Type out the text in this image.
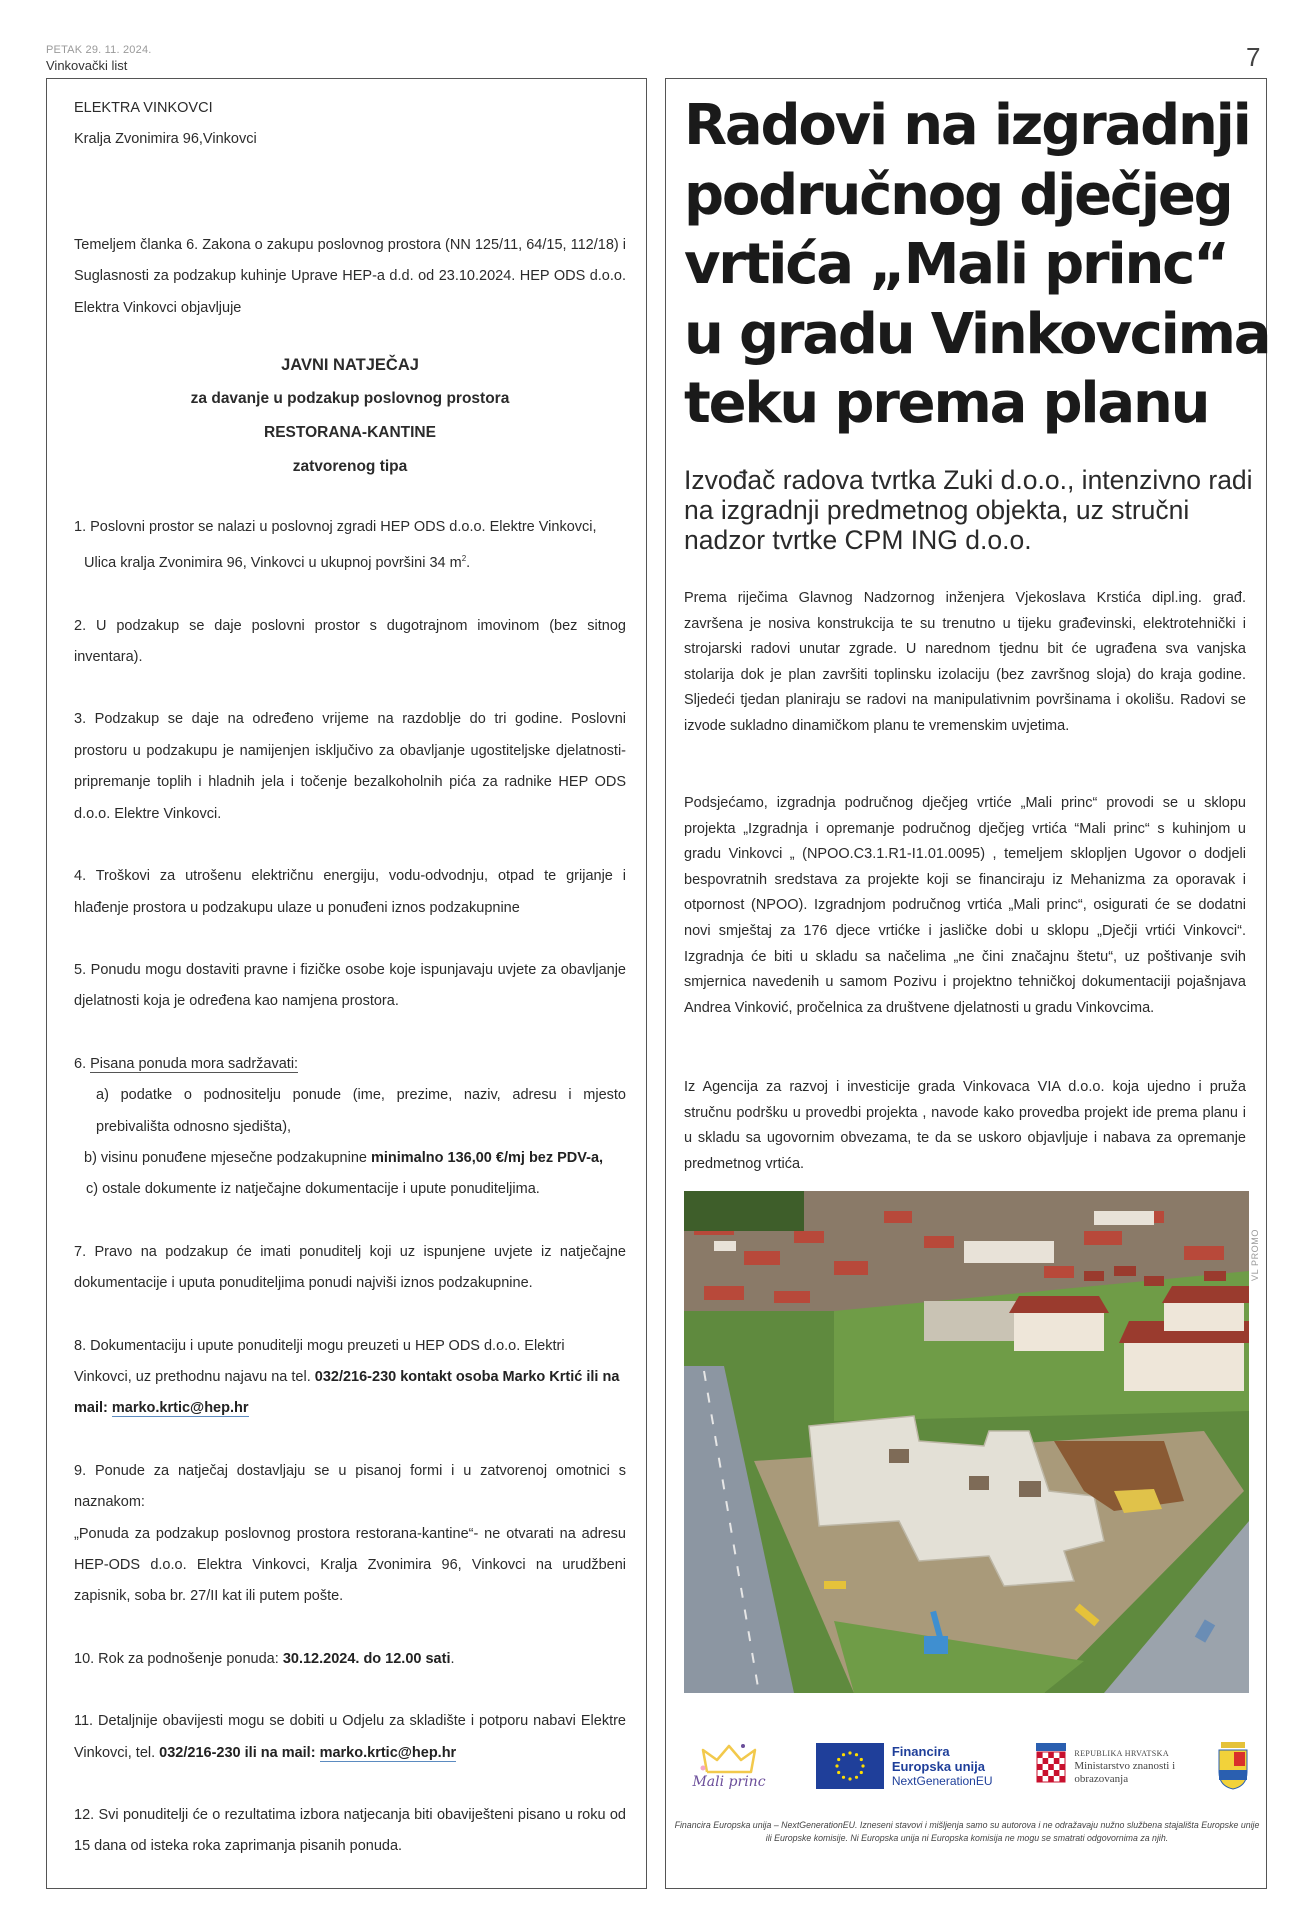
PETAK 29. 11. 2024.
Vinkovački list	7

ELEKTRA VINKOVCI

Kralja Zvonimira 96,Vinkovci

Temeljem članka 6. Zakona o zakupu poslovnog prostora (NN 125/11, 64/15, 112/18) i Suglasnosti za podzakup kuhinje Uprave HEP-a d.d. od 23.10.2024. HEP ODS d.o.o. Elektra Vinkovci objavljuje

JAVNI NATJEČAJ

za davanje u podzakup poslovnog prostora

RESTORANA-KANTINE

zatvorenog tipa

1. Poslovni prostor se nalazi u poslovnoj zgradi HEP ODS d.o.o. Elektre Vinkovci,
Ulica kralja Zvonimira 96, Vinkovci u ukupnoj površini 34 $m^2$.

2. U podzakup se daje poslovni prostor s dugotrajnom imovinom (bez sitnog inventara).

3. Podzakup se daje na određeno vrijeme na razdoblje do tri godine. Poslovni prostoru u podzakupu je namijenjen isključivo za obavljanje ugostiteljske djelatnosti-pripremanje toplih i hladnih jela i točenje bezalkoholnih pića za radnike HEP ODS d.o.o. Elektre Vinkovci.

4. Troškovi za utrošenu električnu energiju, vodu-odvodnju, otpad te grijanje i hlađenje prostora u podzakupu ulaze u ponuđeni iznos podzakupnine

5. Ponudu mogu dostaviti pravne i fizičke osobe koje ispunjavaju uvjete za obavljanje djelatnosti koja je određena kao namjena prostora.

6. Pisana ponuda mora sadržavati:

a) podatke o podnositelju ponude (ime, prezime, naziv, adresu i mjesto prebivališta odnosno sjedišta),

b) visinu ponuđene mjesečne podzakupnine minimalno 136,00 €/mj bez PDV-a,

c) ostale dokumente iz natječajne dokumentacije i upute ponuditeljima.

7. Pravo na podzakup će imati ponuditelj koji uz ispunjene uvjete iz natječajne dokumentacije i uputa ponuditeljima ponudi najviši iznos podzakupnine.

8. Dokumentaciju i upute ponuditelji mogu preuzeti u HEP ODS d.o.o. Elektri Vinkovci, uz prethodnu najavu na tel. 032/216-230 kontakt osoba Marko Krtić ili na mail: marko.krtic@hep.hr

9. Ponude za natječaj dostavljaju se u pisanoj formi i u zatvorenoj omotnici s naznakom:

„Ponuda za podzakup poslovnog prostora restorana-kantine“- ne otvarati na adresu HEP-ODS d.o.o. Elektra Vinkovci, Kralja Zvonimira 96, Vinkovci na urudžbeni zapisnik, soba br. 27/II kat ili putem pošte.

10. Rok za podnošenje ponuda: 30.12.2024. do 12.00 sati.

11. Detaljnije obavijesti mogu se dobiti u Odjelu za skladište i potporu nabavi Elektre Vinkovci, tel. 032/216-230 ili na mail: marko.krtic@hep.hr

12. Svi ponuditelji će o rezultatima izbora natjecanja biti obaviješteni pisano u roku od 15 dana od isteka roka zaprimanja pisanih ponuda.

Radovi na izgradnji
područnog dječjeg
vrtića „Mali princ“
u gradu Vinkovcima
teku prema planu

Izvođač radova tvrtka Zuki d.o.o., intenzivno radi na izgradnji predmetnog objekta, uz stručni nadzor tvrtke CPM ING d.o.o.

Prema riječima Glavnog Nadzornog inženjera Vjekoslava Krstića dipl.ing. građ. završena je nosiva konstrukcija te su trenutno u tijeku građevinski, elektrotehnički i strojarski radovi unutar zgrade. U narednom tjednu bit će ugrađena sva vanjska stolarija dok je plan završiti toplinsku izolaciju (bez završnog sloja) do kraja godine. Sljedeći tjedan planiraju se radovi na manipulativnim površinama i okolišu. Radovi se izvode sukladno dinamičkom planu te vremenskim uvjetima.

Podsjećamo, izgradnja područnog dječjeg vrtiće „Mali princ“ provodi se u sklopu projekta „Izgradnja i opremanje područnog dječjeg vrtića “Mali princ“ s kuhinjom u gradu Vinkovci „ (NPOO.C3.1.R1-I1.01.0095) , temeljem sklopljen Ugovor o dodjeli bespovratnih sredstava za projekte koji se financiraju iz Mehanizma za oporavak i otpornost (NPOO). Izgradnjom područnog vrtića „Mali princ“, osigurati će se dodatni novi smještaj za 176 djece vrtićke i jasličke dobi u sklopu „Dječji vrtići Vinkovci“. Izgradnja će biti u skladu sa načelima „ne čini značajnu štetu“, uz poštivanje svih smjernica navedenih u samom Pozivu i projektno tehničkoj dokumentaciji pojašnjava Andrea Vinković, pročelnica za društvene djelatnosti u gradu Vinkovcima.

Iz Agencija za razvoj i investicije grada Vinkovaca VIA d.o.o. koja ujedno i pruža stručnu podršku u provedbi projekta , navode kako provedba projekt ide prema planu i u skladu sa ugovornim obvezama, te da se uskoro objavljuje i nabava za opremanje predmetnog vrtića.

VL PROMO
Mali princ
Financira
Europska unija
NextGenerationEU
REPUBLIKA HRVATSKA
Ministarstvo znanosti i
obrazovanja

Financira Europska unija – NextGenerationEU. Izneseni stavovi i mišljenja samo su autorova i ne odražavaju nužno službena stajališta Europske unije ili Europske komisije. Ni Europska unija ni Europska komisija ne mogu se smatrati odgovornima za njih.
